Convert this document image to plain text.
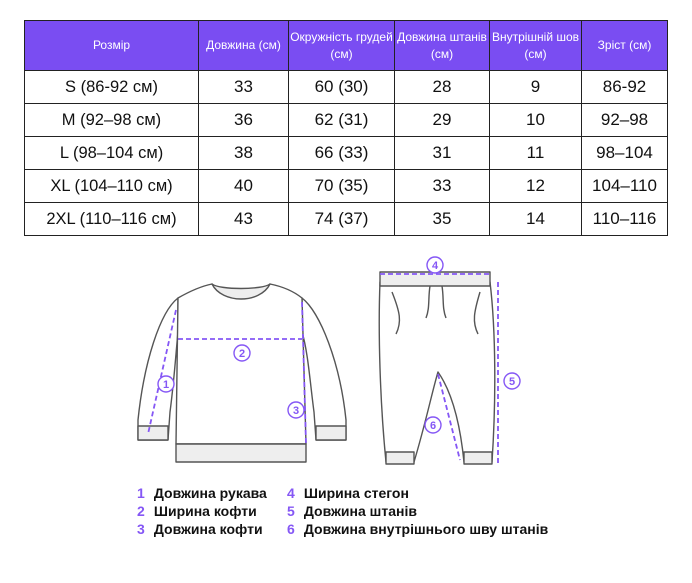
Розмір	Довжина (см)	Окружність грудей (см)	Довжина штанів (см)	Внутрішній шов (см)	Зріст (см)
S (86-92 см)	33	60 (30)	28	9	86-92
M (92–98 см)	36	62 (31)	29	10	92–98
L (98–104 см)	38	66 (33)	31	11	98–104
XL (104–110 см)	40	70 (35)	33	12	104–110
2XL (110–116 см)	43	74 (37)	35	14	110–116
1
2
3
4
5
6
1 Довжина рукава
2 Ширина кофти
3 Довжина кофти
4 Ширина стегон
5 Довжина штанів
6 Довжина внутрішнього шву штанів
